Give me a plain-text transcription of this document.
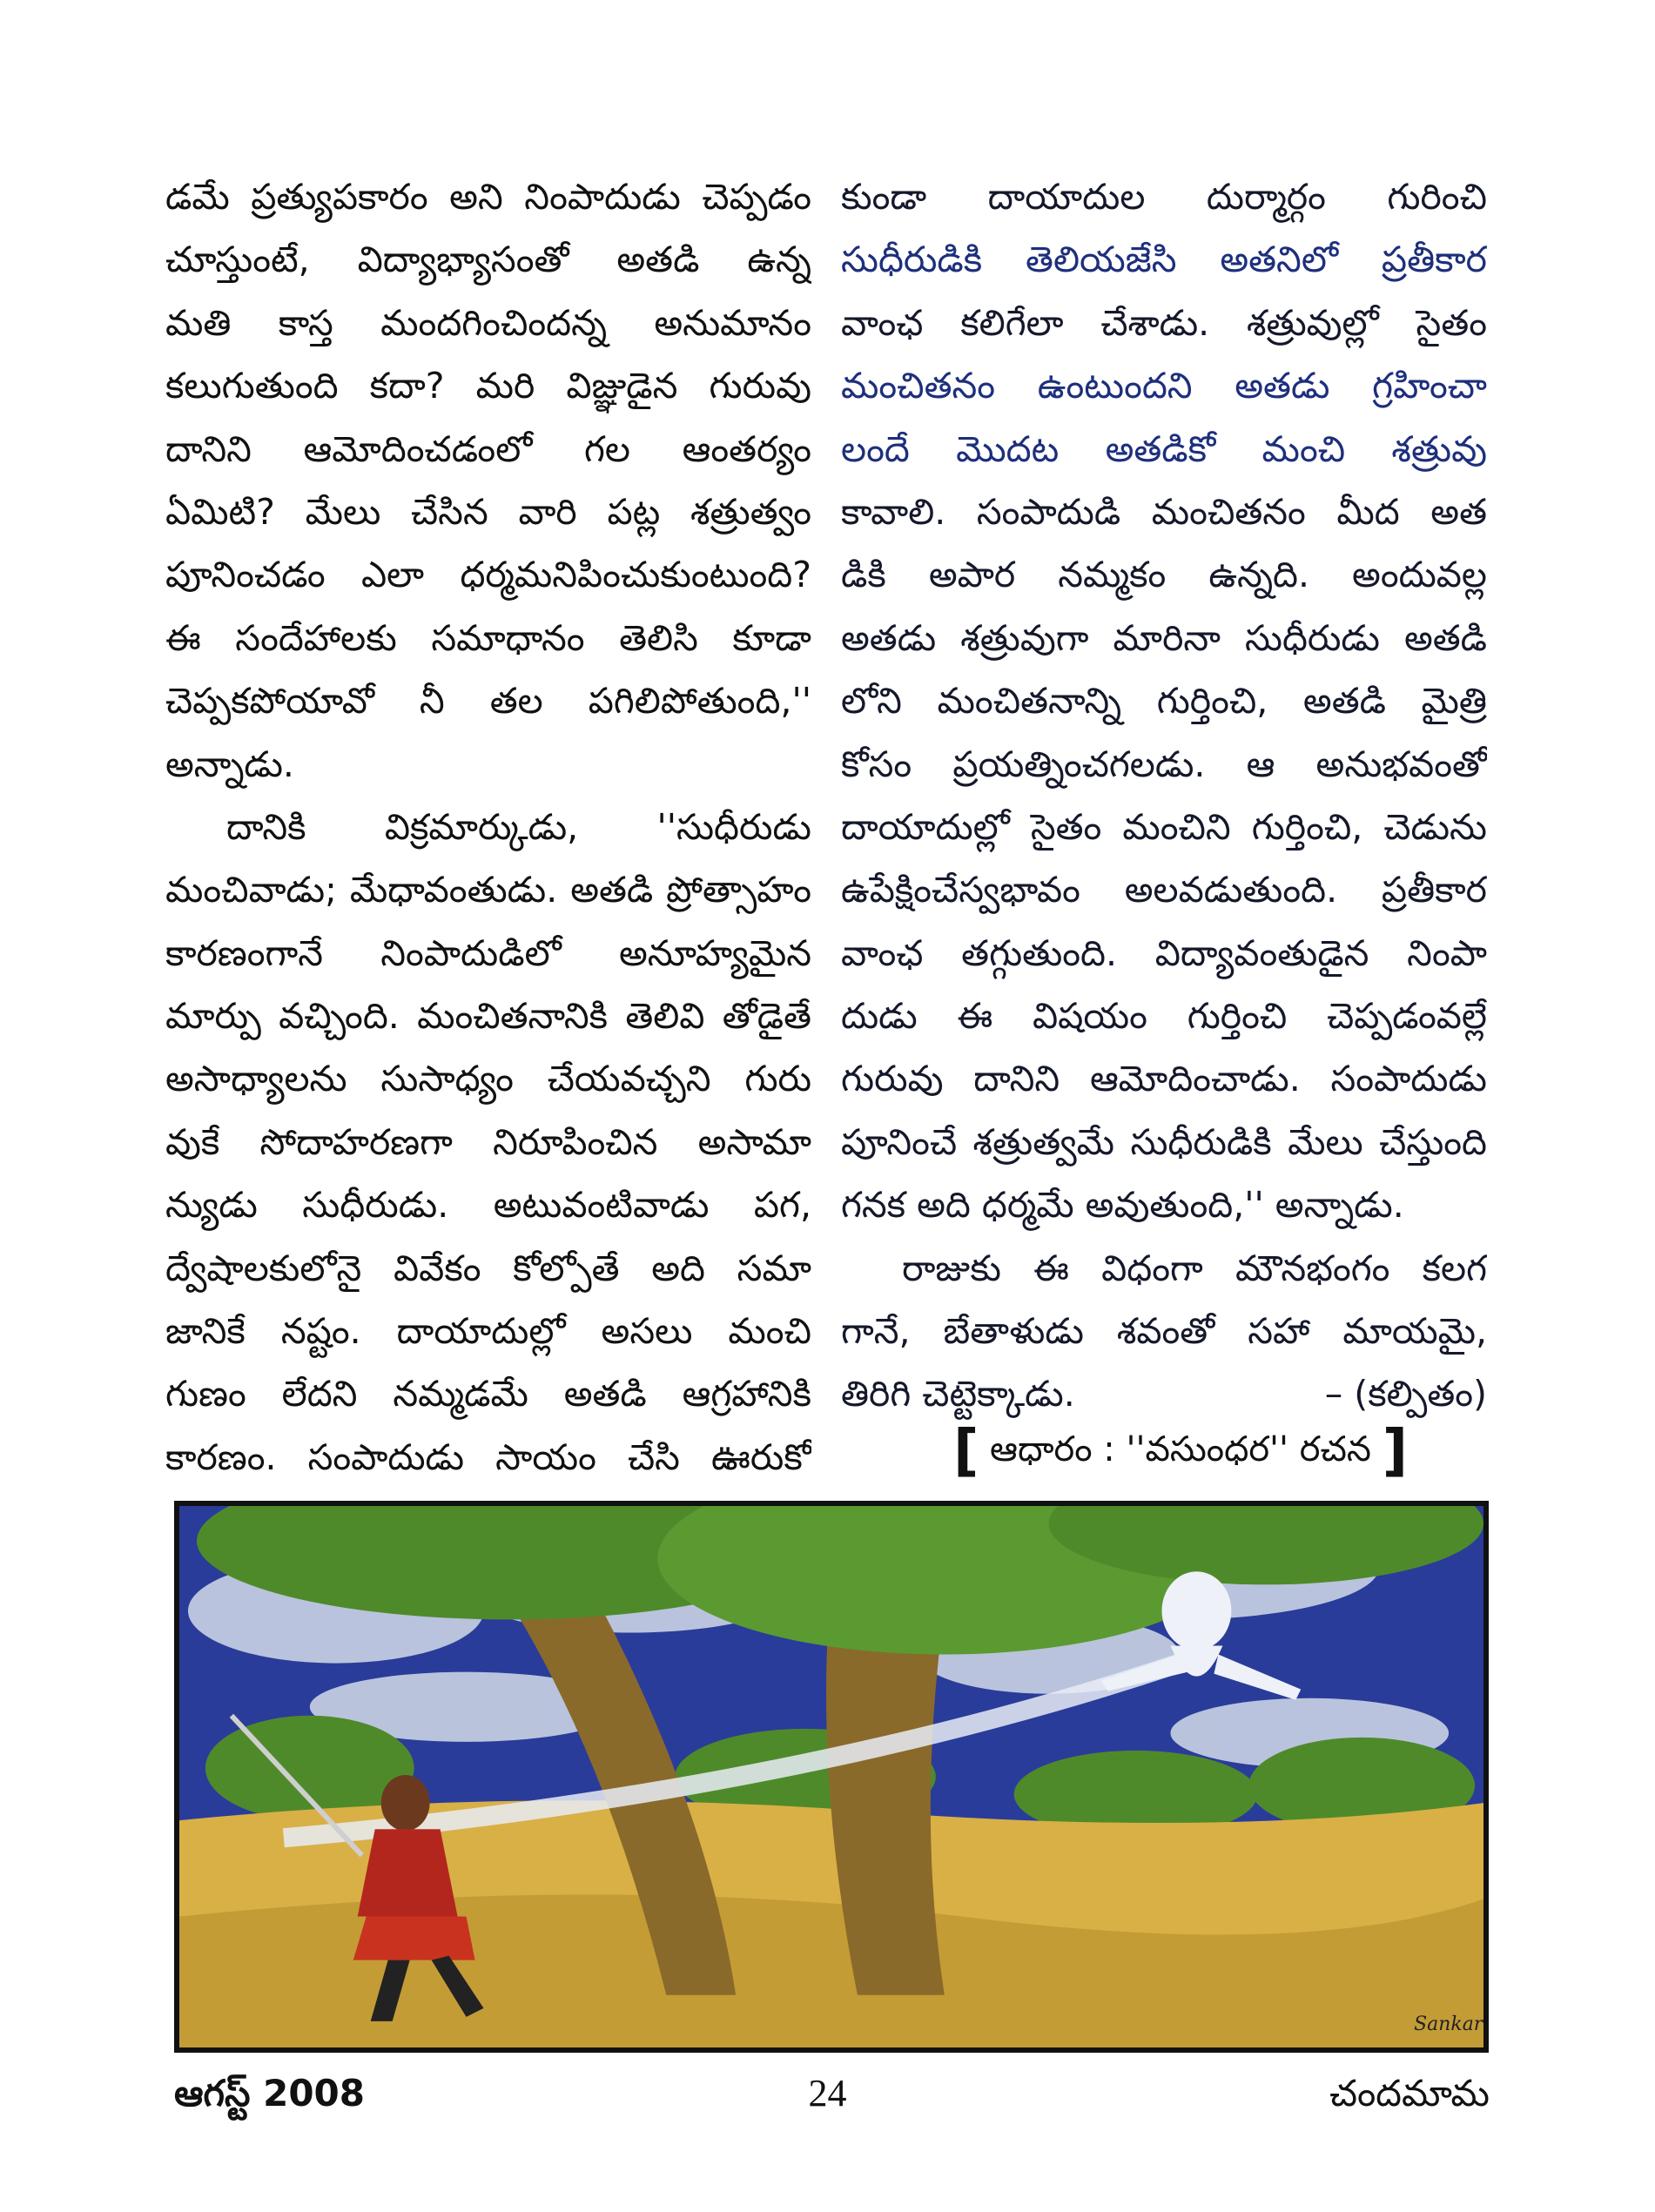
డమే ప్రత్యుపకారం అని నింపాదుడు చెప్పడం
చూస్తుంటే, విద్యాభ్యాసంతో అతడి ఉన్న
మతి కాస్త మందగించిందన్న అనుమానం
కలుగుతుంది కదా? మరి విజ్ఞుడైన గురువు
దానిని ఆమోదించడంలో గల ఆంతర్యం
ఏమిటి? మేలు చేసిన వారి పట్ల శత్రుత్వం
పూనించడం ఎలా ధర్మమనిపించుకుంటుంది?
ఈ సందేహాలకు సమాధానం తెలిసి కూడా
చెప్పకపోయావో నీ తల పగిలిపోతుంది,''
అన్నాడు.
దానికి విక్రమార్కుడు, ''సుధీరుడు
మంచివాడు; మేధావంతుడు. అతడి ప్రోత్సాహం
కారణంగానే నింపాదుడిలో అనూహ్యమైన
మార్పు వచ్చింది. మంచితనానికి తెలివి తోడైతే
అసాధ్యాలను సుసాధ్యం చేయవచ్చని గురు
వుకే సోదాహరణగా నిరూపించిన అసామా
న్యుడు సుధీరుడు. అటువంటివాడు పగ,
ద్వేషాలకులోనై వివేకం కోల్పోతే అది సమా
జానికే నష్టం. దాయాదుల్లో అసలు మంచి
గుణం లేదని నమ్మడమే అతడి ఆగ్రహానికి
కారణం. సంపాదుడు సాయం చేసి ఊరుకో
కుండా దాయాదుల దుర్మార్గం గురించి
సుధీరుడికి తెలియజేసి అతనిలో ప్రతీకార
వాంఛ కలిగేలా చేశాడు. శత్రువుల్లో సైతం
మంచితనం ఉంటుందని అతడు గ్రహించా
లందే మొదట అతడికో మంచి శత్రువు
కావాలి. సంపాదుడి మంచితనం మీద అత
డికి అపార నమ్మకం ఉన్నది. అందువల్ల
అతడు శత్రువుగా మారినా సుధీరుడు అతడి
లోని మంచితనాన్ని గుర్తించి, అతడి మైత్రి
కోసం ప్రయత్నించగలడు. ఆ అనుభవంతో
దాయాదుల్లో సైతం మంచిని గుర్తించి, చెడును
ఉపేక్షించేస్వభావం అలవడుతుంది. ప్రతీకార
వాంఛ తగ్గుతుంది. విద్యావంతుడైన నింపా
దుడు ఈ విషయం గుర్తించి చెప్పడంవల్లే
గురువు దానిని ఆమోదించాడు. సంపాదుడు
పూనించే శత్రుత్వమే సుధీరుడికి మేలు చేస్తుంది
గనక అది ధర్మమే అవుతుంది,'' అన్నాడు.
రాజుకు ఈ విధంగా మౌనభంగం కలగ
గానే, బేతాళుడు శవంతో సహా మాయమై,
తిరిగి చెట్టెక్కాడు.	– (కల్పితం)
[ ఆధారం : ''వసుంధర'' రచన ]
Sankar
ఆగస్ట్ 2008	24	చందమామ
